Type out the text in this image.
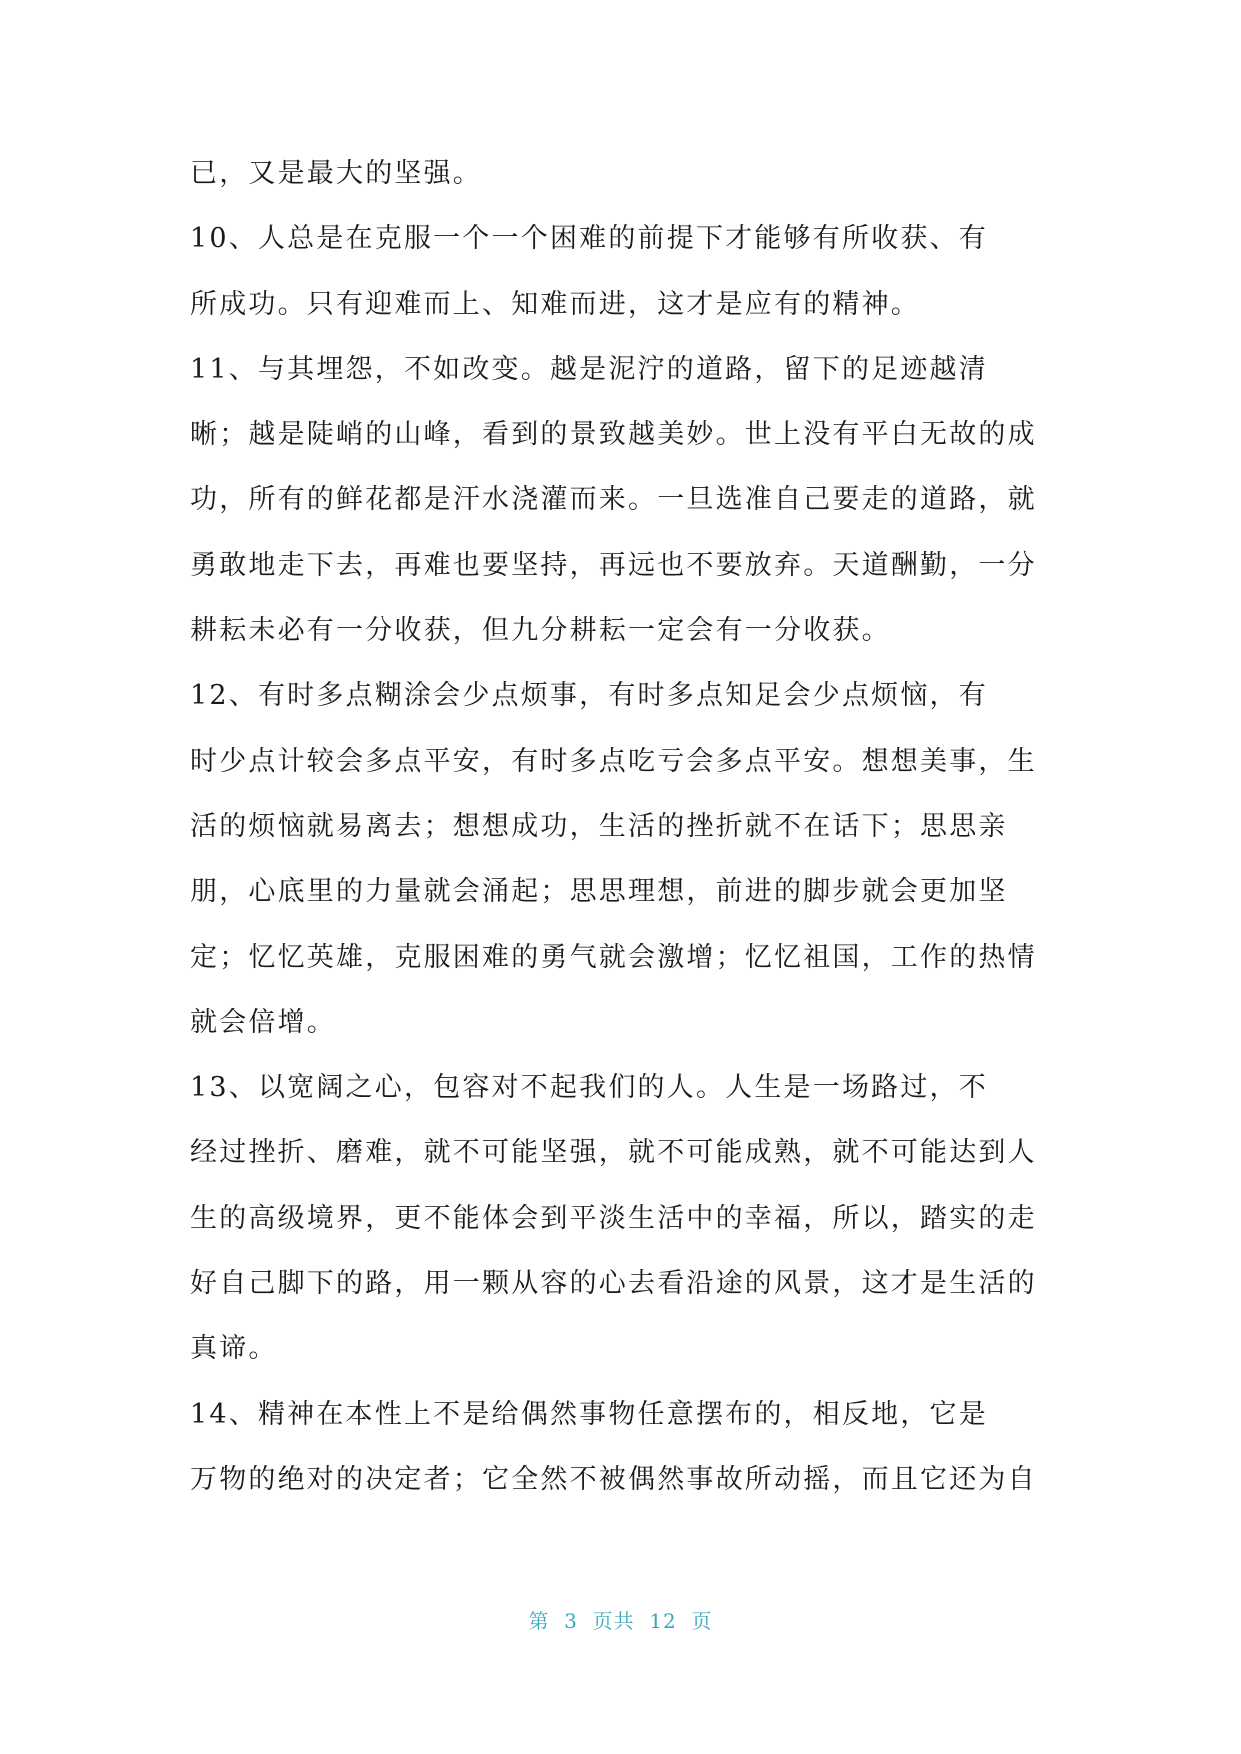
已，又是最大的坚强。
10、人总是在克服一个一个困难的前提下才能够有所收获、有
所成功。只有迎难而上、知难而进，这才是应有的精神。
11、与其埋怨，不如改变。越是泥泞的道路，留下的足迹越清
晰；越是陡峭的山峰，看到的景致越美妙。世上没有平白无故的成
功，所有的鲜花都是汗水浇灌而来。一旦选准自己要走的道路，就
勇敢地走下去，再难也要坚持，再远也不要放弃。天道酬勤，一分
耕耘未必有一分收获，但九分耕耘一定会有一分收获。
12、有时多点糊涂会少点烦事，有时多点知足会少点烦恼，有
时少点计较会多点平安，有时多点吃亏会多点平安。想想美事，生
活的烦恼就易离去；想想成功，生活的挫折就不在话下；思思亲
朋，心底里的力量就会涌起；思思理想，前进的脚步就会更加坚
定；忆忆英雄，克服困难的勇气就会激增；忆忆祖国，工作的热情
就会倍增。
13、以宽阔之心，包容对不起我们的人。人生是一场路过，不
经过挫折、磨难，就不可能坚强，就不可能成熟，就不可能达到人
生的高级境界，更不能体会到平淡生活中的幸福，所以，踏实的走
好自己脚下的路，用一颗从容的心去看沿途的风景，这才是生活的
真谛。
14、精神在本性上不是给偶然事物任意摆布的，相反地，它是
万物的绝对的决定者；它全然不被偶然事故所动摇，而且它还为自
第  3  页共  12  页
